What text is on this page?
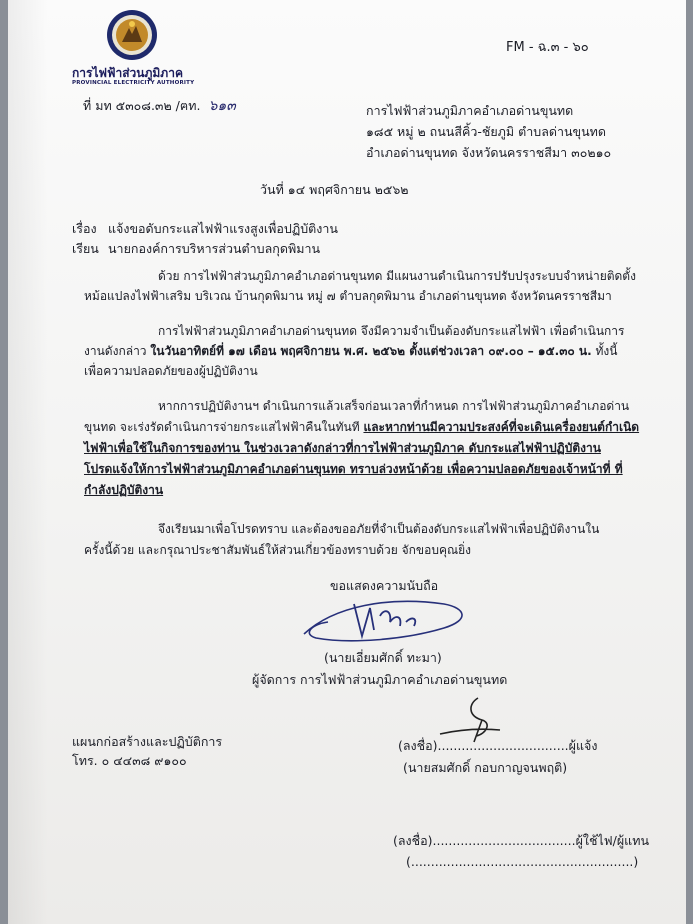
การไฟฟ้าส่วนภูมิภาค
PROVINCIAL ELECTRICITY AUTHORITY
FM - ฉ.๓ - ๖๐
ที่ มท ๕๓๐๘.๓๒ /ฅท. ๖๑๓	การไฟฟ้าส่วนภูมิภาคอำเภอด่านขุนทด
๑๘๕ หมู่ ๒ ถนนสีคิ้ว-ชัยภูมิ ตำบลด่านขุนทด
อำเภอด่านขุนทด จังหวัดนครราชสีมา ๓๐๒๑๐
วันที่ ๑๔ พฤศจิกายน ๒๕๖๒
เรื่อง แจ้งขอดับกระแสไฟฟ้าแรงสูงเพื่อปฏิบัติงาน
เรียน นายกองค์การบริหารส่วนตำบลกุดพิมาน
ด้วย การไฟฟ้าส่วนภูมิภาคอำเภอด่านขุนทด มีแผนงานดำเนินการปรับปรุงระบบจำหน่ายติดตั้ง
หม้อแปลงไฟฟ้าเสริม บริเวณ บ้านกุดพิมาน หมู่ ๗ ตำบลกุดพิมาน อำเภอด่านขุนทด จังหวัดนครราชสีมา
การไฟฟ้าส่วนภูมิภาคอำเภอด่านขุนทด จึงมีความจำเป็นต้องดับกระแสไฟฟ้า เพื่อดำเนินการ
งานดังกล่าว ในวันอาทิตย์ที่ ๑๗ เดือน พฤศจิกายน พ.ศ. ๒๕๖๒ ตั้งแต่ช่วงเวลา ๐๙.๐๐ – ๑๕.๓๐ น. ทั้งนี้
เพื่อความปลอดภัยของผู้ปฏิบัติงาน
หากการปฏิบัติงานฯ ดำเนินการแล้วเสร็จก่อนเวลาที่กำหนด การไฟฟ้าส่วนภูมิภาคอำเภอด่าน
ขุนทด จะเร่งรัดดำเนินการจ่ายกระแสไฟฟ้าคืนในทันที และหากท่านมีความประสงค์ที่จะเดินเครื่องยนต์กำเนิด
ไฟฟ้าเพื่อใช้ในกิจการของท่าน ในช่วงเวลาดังกล่าวที่การไฟฟ้าส่วนภูมิภาค ดับกระแสไฟฟ้าปฏิบัติงาน
โปรดแจ้งให้การไฟฟ้าส่วนภูมิภาคอำเภอด่านขุนทด ทราบล่วงหน้าด้วย เพื่อความปลอดภัยของเจ้าหน้าที่ ที่
กำลังปฏิบัติงาน
จึงเรียนมาเพื่อโปรดทราบ และต้องขออภัยที่จำเป็นต้องดับกระแสไฟฟ้าเพื่อปฏิบัติงานใน
ครั้งนี้ด้วย และกรุณาประชาสัมพันธ์ให้ส่วนเกี่ยวข้องทราบด้วย จักขอบคุณยิ่ง
ขอแสดงความนับถือ
(นายเอี่ยมศักดิ์ ทะมา)
ผู้จัดการ การไฟฟ้าส่วนภูมิภาคอำเภอด่านขุนทด
แผนกก่อสร้างและปฏิบัติการ
โทร. ๐ ๔๔๓๘ ๙๑๐๐
(ลงชื่อ).................................ผู้แจ้ง
(นายสมศักดิ์ กอบกาญจนพฤติ)
(ลงชื่อ)....................................ผู้ใช้ไฟ/ผู้แทน
(........................................................)
